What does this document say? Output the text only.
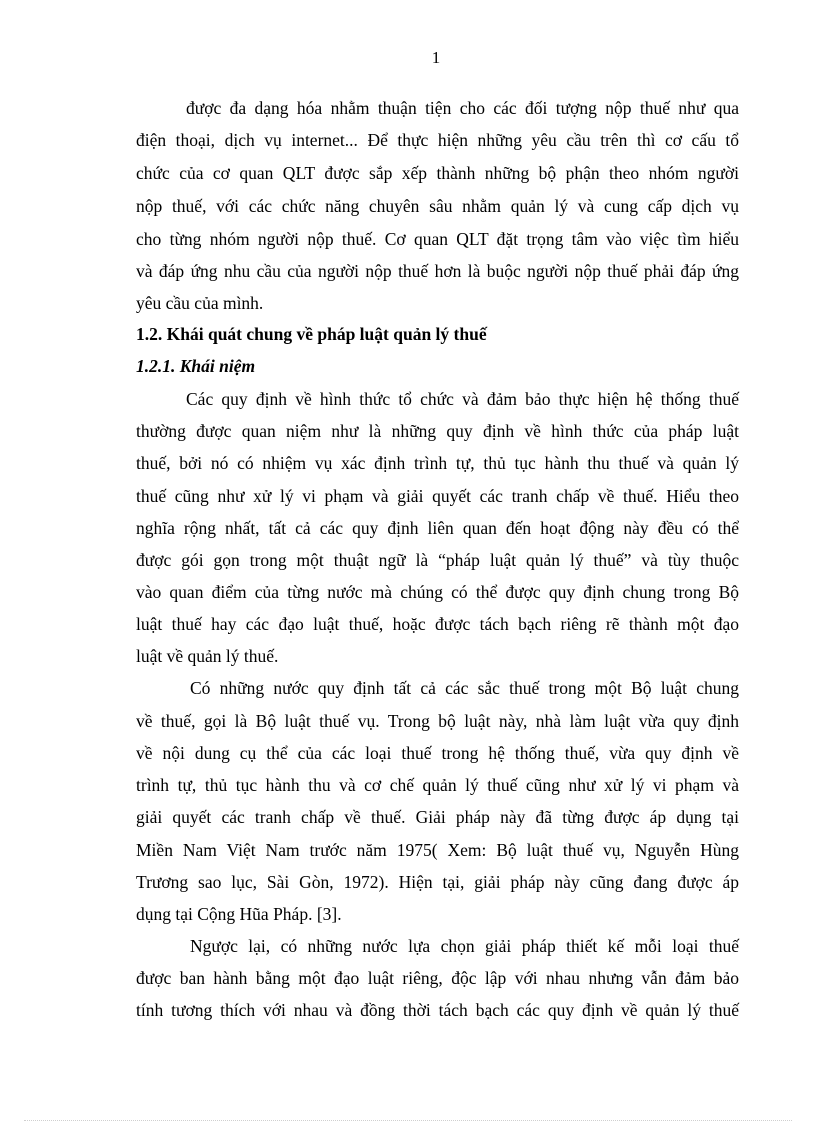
1
được đa dạng hóa nhằm thuận tiện cho các đối tượng nộp thuế như qua
điện thoại, dịch vụ internet... Để thực hiện những yêu cầu trên thì cơ cấu tổ
chức của cơ quan QLT được sắp xếp thành những bộ phận theo nhóm người
nộp thuế, với các chức năng chuyên sâu nhằm quản lý và cung cấp dịch vụ
cho từng nhóm người nộp thuế. Cơ quan QLT đặt trọng tâm vào việc tìm hiểu
và đáp ứng nhu cầu của người nộp thuế hơn là buộc người nộp thuế phải đáp ứng
yêu cầu của mình.
1.2. Khái quát chung về pháp luật quản lý thuế
1.2.1. Khái niệm
Các quy định về hình thức tổ chức và đảm bảo thực hiện hệ thống thuế
thường được quan niệm như là những quy định về hình thức của pháp luật
thuế, bởi nó có nhiệm vụ xác định trình tự, thủ tục hành thu thuế và quản lý
thuế cũng như xử lý vi phạm và giải quyết các tranh chấp về thuế. Hiểu theo
nghĩa rộng nhất, tất cả các quy định liên quan đến hoạt động này đều có thể
được gói gọn trong một thuật ngữ là “pháp luật quản lý thuế” và tùy thuộc
vào quan điểm của từng nước mà chúng có thể được quy định chung trong Bộ
luật thuế hay các đạo luật thuế, hoặc được tách bạch riêng rẽ thành một đạo
luật về quản lý thuế.
Có những nước quy định tất cả các sắc thuế trong một Bộ luật chung
về thuế, gọi là Bộ luật thuế vụ. Trong bộ luật này, nhà làm luật vừa quy định
về nội dung cụ thể của các loại thuế trong hệ thống thuế, vừa quy định về
trình tự, thủ tục hành thu và cơ chế quản lý thuế cũng như xử lý vi phạm và
giải quyết các tranh chấp về thuế. Giải pháp này đã từng được áp dụng tại
Miền Nam Việt Nam trước năm 1975( Xem: Bộ luật thuế vụ, Nguyễn Hùng
Trương sao lục, Sài Gòn, 1972). Hiện tại, giải pháp này cũng đang được áp
dụng tại Cộng Hũa Pháp. [3].
Ngược lại, có những nước lựa chọn giải pháp thiết kế mỗi loại thuế
được ban hành bằng một đạo luật riêng, độc lập với nhau nhưng vẫn đảm bảo
tính tương thích với nhau và đồng thời tách bạch các quy định về quản lý thuế
